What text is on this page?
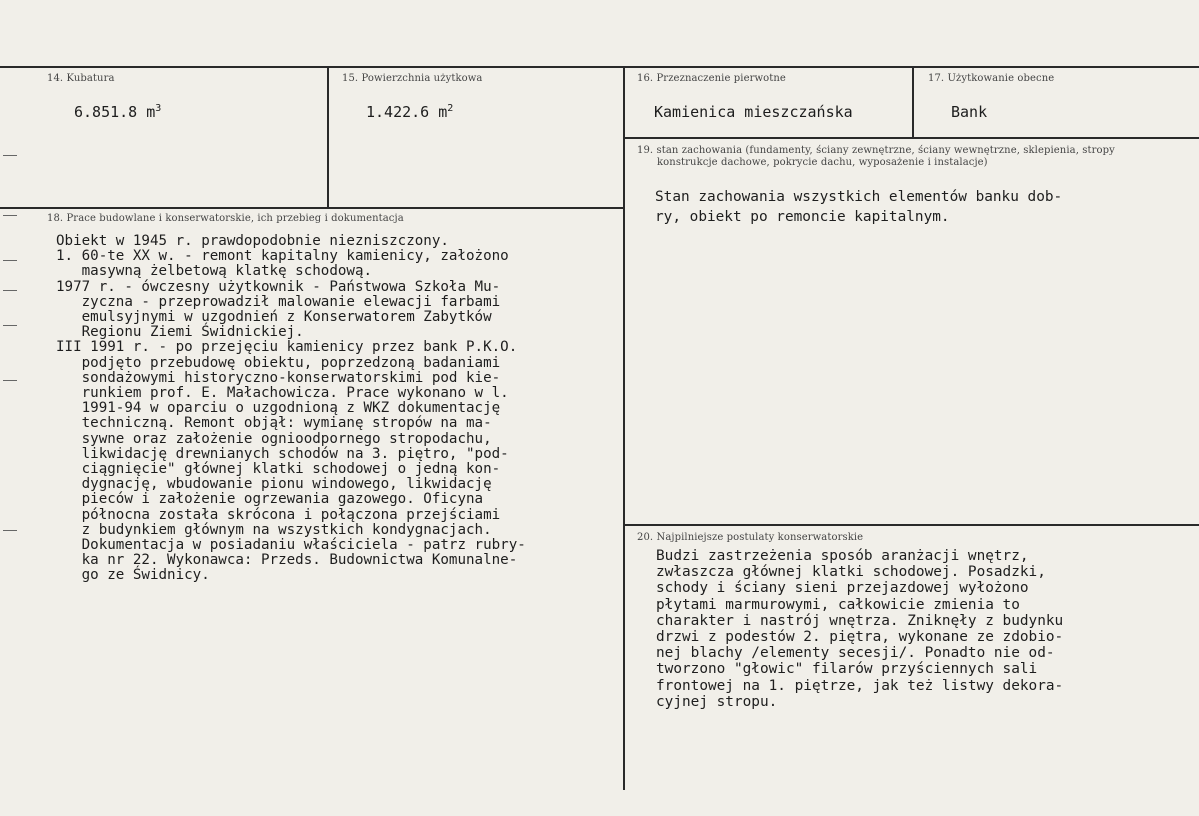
14. Kubatura
6.851.8 $m^3$
15. Powierzchnia użytkowa
1.422.6 $m^2$
16. Przeznaczenie pierwotne
Kamienica mieszczańska
17. Użytkowanie obecne
Bank
19. stan zachowania (fundamenty, ściany zewnętrzne, ściany wewnętrzne, sklepienia, stropy
konstrukcje dachowe, pokrycie dachu, wyposażenie i instalacje)
Stan zachowania wszystkich elementów banku dob-
ry, obiekt po remoncie kapitalnym.
18. Prace budowlane i konserwatorskie, ich przebieg i dokumentacja
Obiekt w 1945 r. prawdopodobnie niezniszczony.
1. 60-te XX w. - remont kapitalny kamienicy, założono
masywną żelbetową klatkę schodową.
1977 r. - ówczesny użytkownik - Państwowa Szkoła Mu-
zyczna - przeprowadził malowanie elewacji farbami
emulsyjnymi w uzgodnień z Konserwatorem Zabytków
Regionu Ziemi Świdnickiej.
III 1991 r. - po przejęciu kamienicy przez bank P.K.O.
podjęto przebudowę obiektu, poprzedzoną badaniami
sondażowymi historyczno-konserwatorskimi pod kie-
runkiem prof. E. Małachowicza. Prace wykonano w l.
1991-94 w oparciu o uzgodnioną z WKZ dokumentację
techniczną. Remont objął: wymianę stropów na ma-
sywne oraz założenie ognioodpornego stropodachu,
likwidację drewnianych schodów na 3. piętro, "pod-
ciągnięcie" głównej klatki schodowej o jedną kon-
dygnację, wbudowanie pionu windowego, likwidację
pieców i założenie ogrzewania gazowego. Oficyna
północna została skrócona i połączona przejściami
z budynkiem głównym na wszystkich kondygnacjach.
Dokumentacja w posiadaniu właściciela - patrz rubry-
ka nr 22. Wykonawca: Przeds. Budownictwa Komunalne-
go ze Świdnicy.
20. Najpilniejsze postulaty konserwatorskie
Budzi zastrzeżenia sposób aranżacji wnętrz,
zwłaszcza głównej klatki schodowej. Posadzki,
schody i ściany sieni przejazdowej wyłożono
płytami marmurowymi, całkowicie zmienia to
charakter i nastrój wnętrza. Zniknęły z budynku
drzwi z podestów 2. piętra, wykonane ze zdobio-
nej blachy /elementy secesji/. Ponadto nie od-
tworzono "głowic" filarów przyściennych sali
frontowej na 1. piętrze, jak też listwy dekora-
cyjnej stropu.
